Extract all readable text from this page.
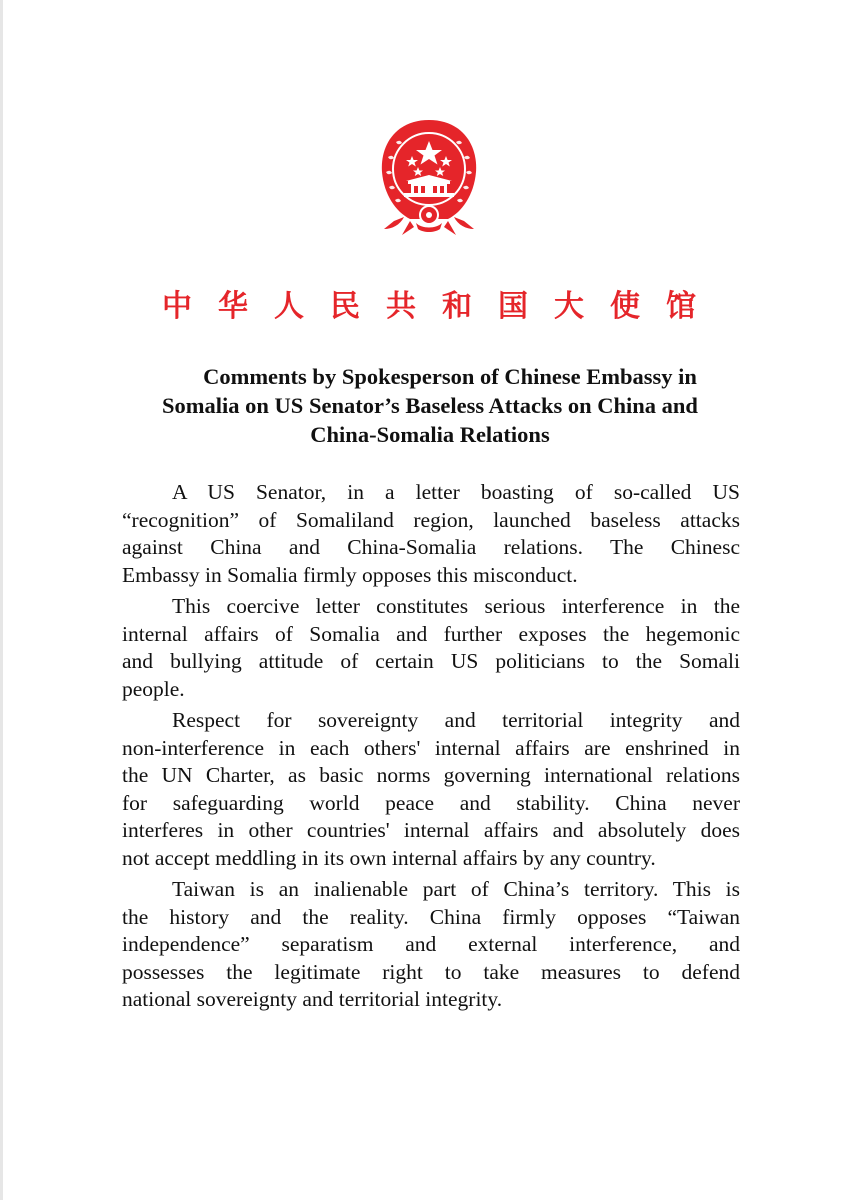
中华人民共和国大使馆
Comments by Spokesperson of Chinese Embassy in
Somalia on US Senator’s Baseless Attacks on China and
China-Somalia Relations
A US Senator, in a letter boasting of so-called US
“recognition” of Somaliland region, launched baseless attacks
against China and China-Somalia relations. The Chinesc
Embassy in Somalia firmly opposes this misconduct.
This coercive letter constitutes serious interference in the
internal affairs of Somalia and further exposes the hegemonic
and bullying attitude of certain US politicians to the Somali
people.
Respect for sovereignty and territorial integrity and
non-interference in each others' internal affairs are enshrined in
the UN Charter, as basic norms governing international relations
for safeguarding world peace and stability. China never
interferes in other countries' internal affairs and absolutely does
not accept meddling in its own internal affairs by any country.
Taiwan is an inalienable part of China’s territory. This is
the history and the reality. China firmly opposes “Taiwan
independence” separatism and external interference, and
possesses the legitimate right to take measures to defend
national sovereignty and territorial integrity.
